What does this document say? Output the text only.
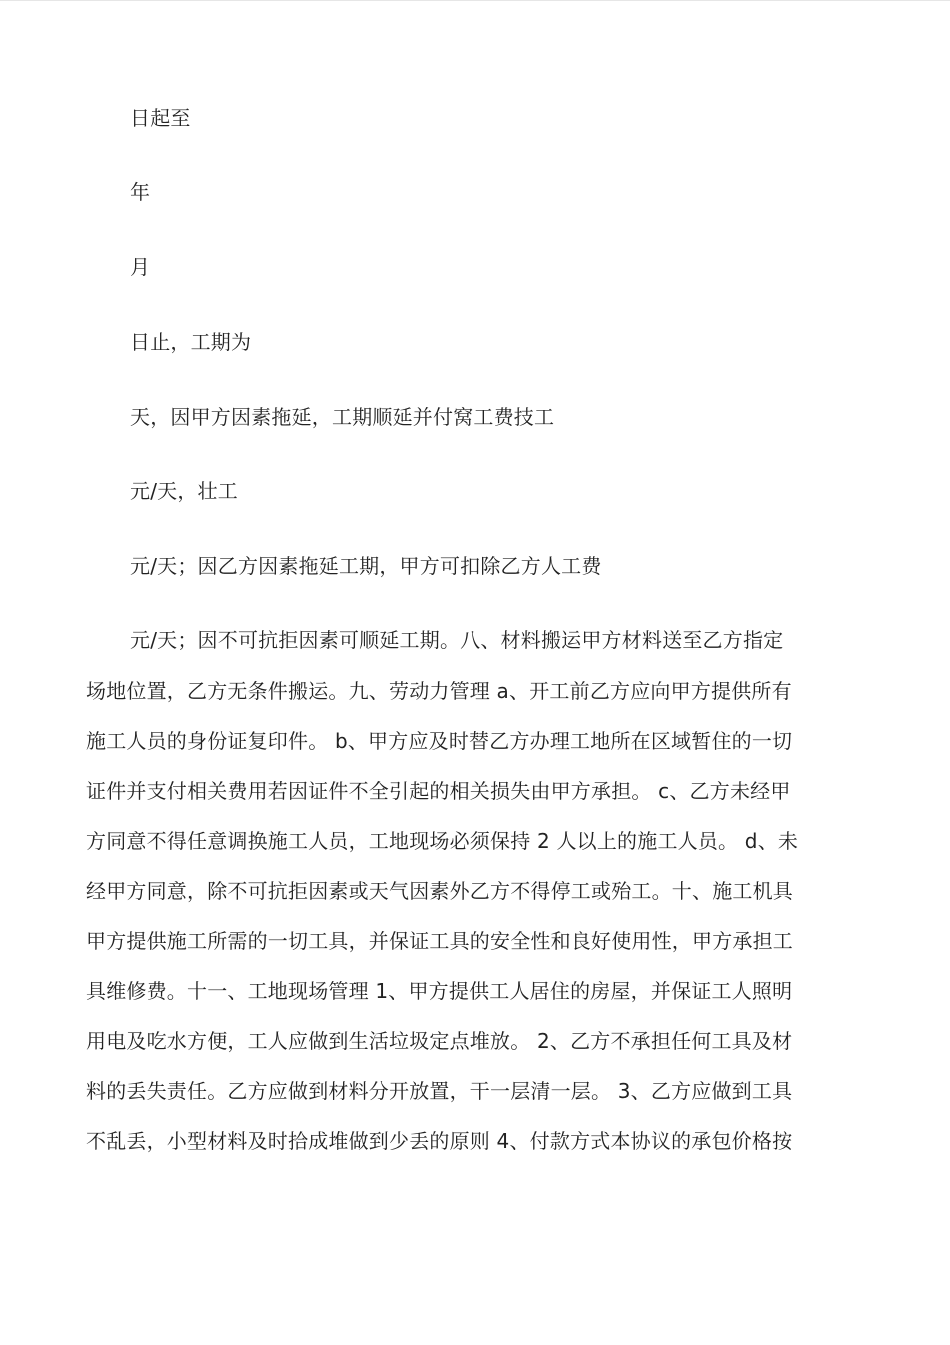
日起至
年
月
日止，工期为
天，因甲方因素拖延，工期顺延并付窝工费技工
元/天，壮工
元/天；因乙方因素拖延工期，甲方可扣除乙方人工费
元/天；因不可抗拒因素可顺延工期。八、材料搬运甲方材料送至乙方指定
场地位置，乙方无条件搬运。九、劳动力管理 a、开工前乙方应向甲方提供所有
施工人员的身份证复印件。 b、甲方应及时替乙方办理工地所在区域暂住的一切
证件并支付相关费用若因证件不全引起的相关损失由甲方承担。 c、乙方未经甲
方同意不得任意调换施工人员，工地现场必须保持 2 人以上的施工人员。 d、未
经甲方同意，除不可抗拒因素或天气因素外乙方不得停工或殆工。十、施工机具
甲方提供施工所需的一切工具，并保证工具的安全性和良好使用性，甲方承担工
具维修费。十一、工地现场管理 1、甲方提供工人居住的房屋，并保证工人照明
用电及吃水方便，工人应做到生活垃圾定点堆放。 2、乙方不承担任何工具及材
料的丢失责任。乙方应做到材料分开放置，干一层清一层。 3、乙方应做到工具
不乱丢，小型材料及时拾成堆做到少丢的原则 4、付款方式本协议的承包价格按
